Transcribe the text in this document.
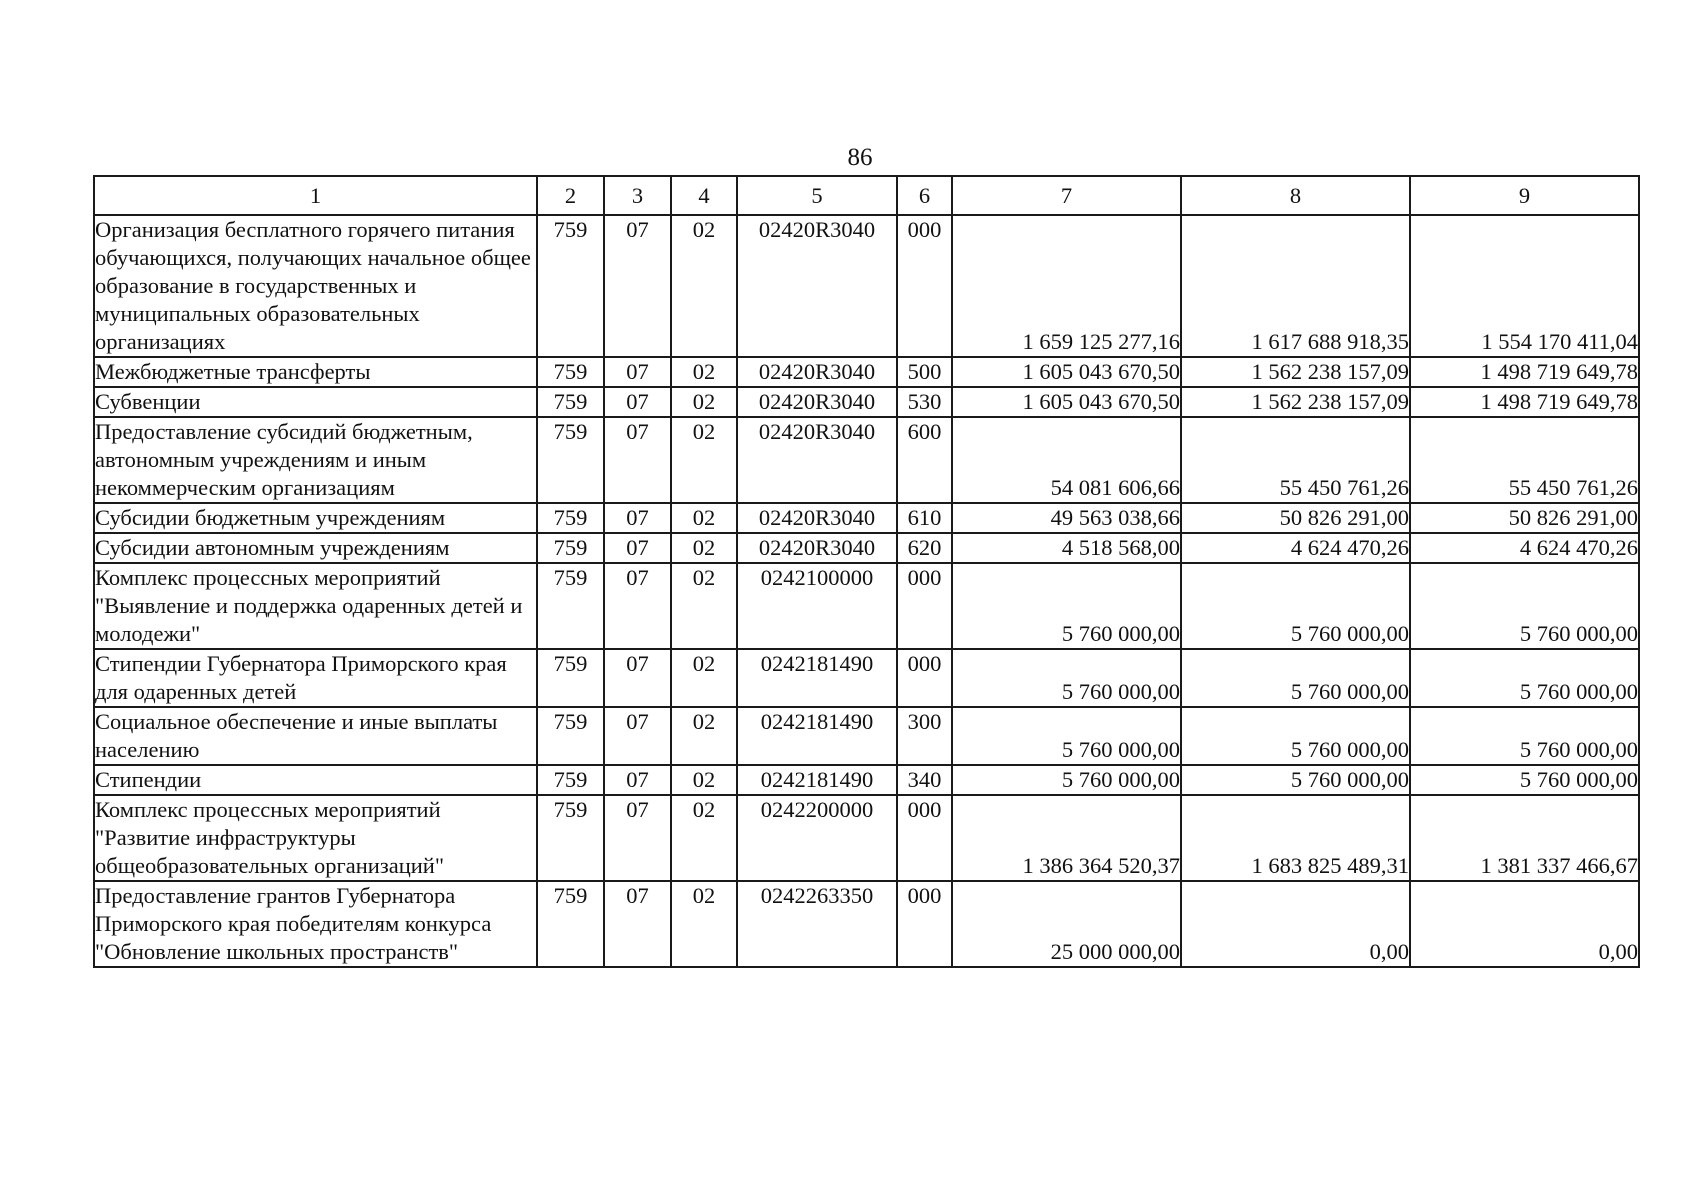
86
1	2	3	4	5	6	7	8	9
Организация бесплатного горячего питания обучающихся, получающих начальное общее образование в государственных и муниципальных образовательных организациях	759	07	02	02420R3040	000	1 659 125 277,16	1 617 688 918,35	1 554 170 411,04
Межбюджетные трансферты	759	07	02	02420R3040	500	1 605 043 670,50	1 562 238 157,09	1 498 719 649,78
Субвенции	759	07	02	02420R3040	530	1 605 043 670,50	1 562 238 157,09	1 498 719 649,78
Предоставление субсидий бюджетным, автономным учреждениям и иным некоммерческим организациям	759	07	02	02420R3040	600	54 081 606,66	55 450 761,26	55 450 761,26
Субсидии бюджетным учреждениям	759	07	02	02420R3040	610	49 563 038,66	50 826 291,00	50 826 291,00
Субсидии автономным учреждениям	759	07	02	02420R3040	620	4 518 568,00	4 624 470,26	4 624 470,26
Комплекс процессных мероприятий "Выявление и поддержка одаренных детей и молодежи"	759	07	02	0242100000	000	5 760 000,00	5 760 000,00	5 760 000,00
Стипендии Губернатора Приморского края для одаренных детей	759	07	02	0242181490	000	5 760 000,00	5 760 000,00	5 760 000,00
Социальное обеспечение и иные выплаты населению	759	07	02	0242181490	300	5 760 000,00	5 760 000,00	5 760 000,00
Стипендии	759	07	02	0242181490	340	5 760 000,00	5 760 000,00	5 760 000,00
Комплекс процессных мероприятий "Развитие инфраструктуры общеобразовательных организаций"	759	07	02	0242200000	000	1 386 364 520,37	1 683 825 489,31	1 381 337 466,67
Предоставление грантов Губернатора Приморского края победителям конкурса "Обновление школьных пространств"	759	07	02	0242263350	000	25 000 000,00	0,00	0,00
